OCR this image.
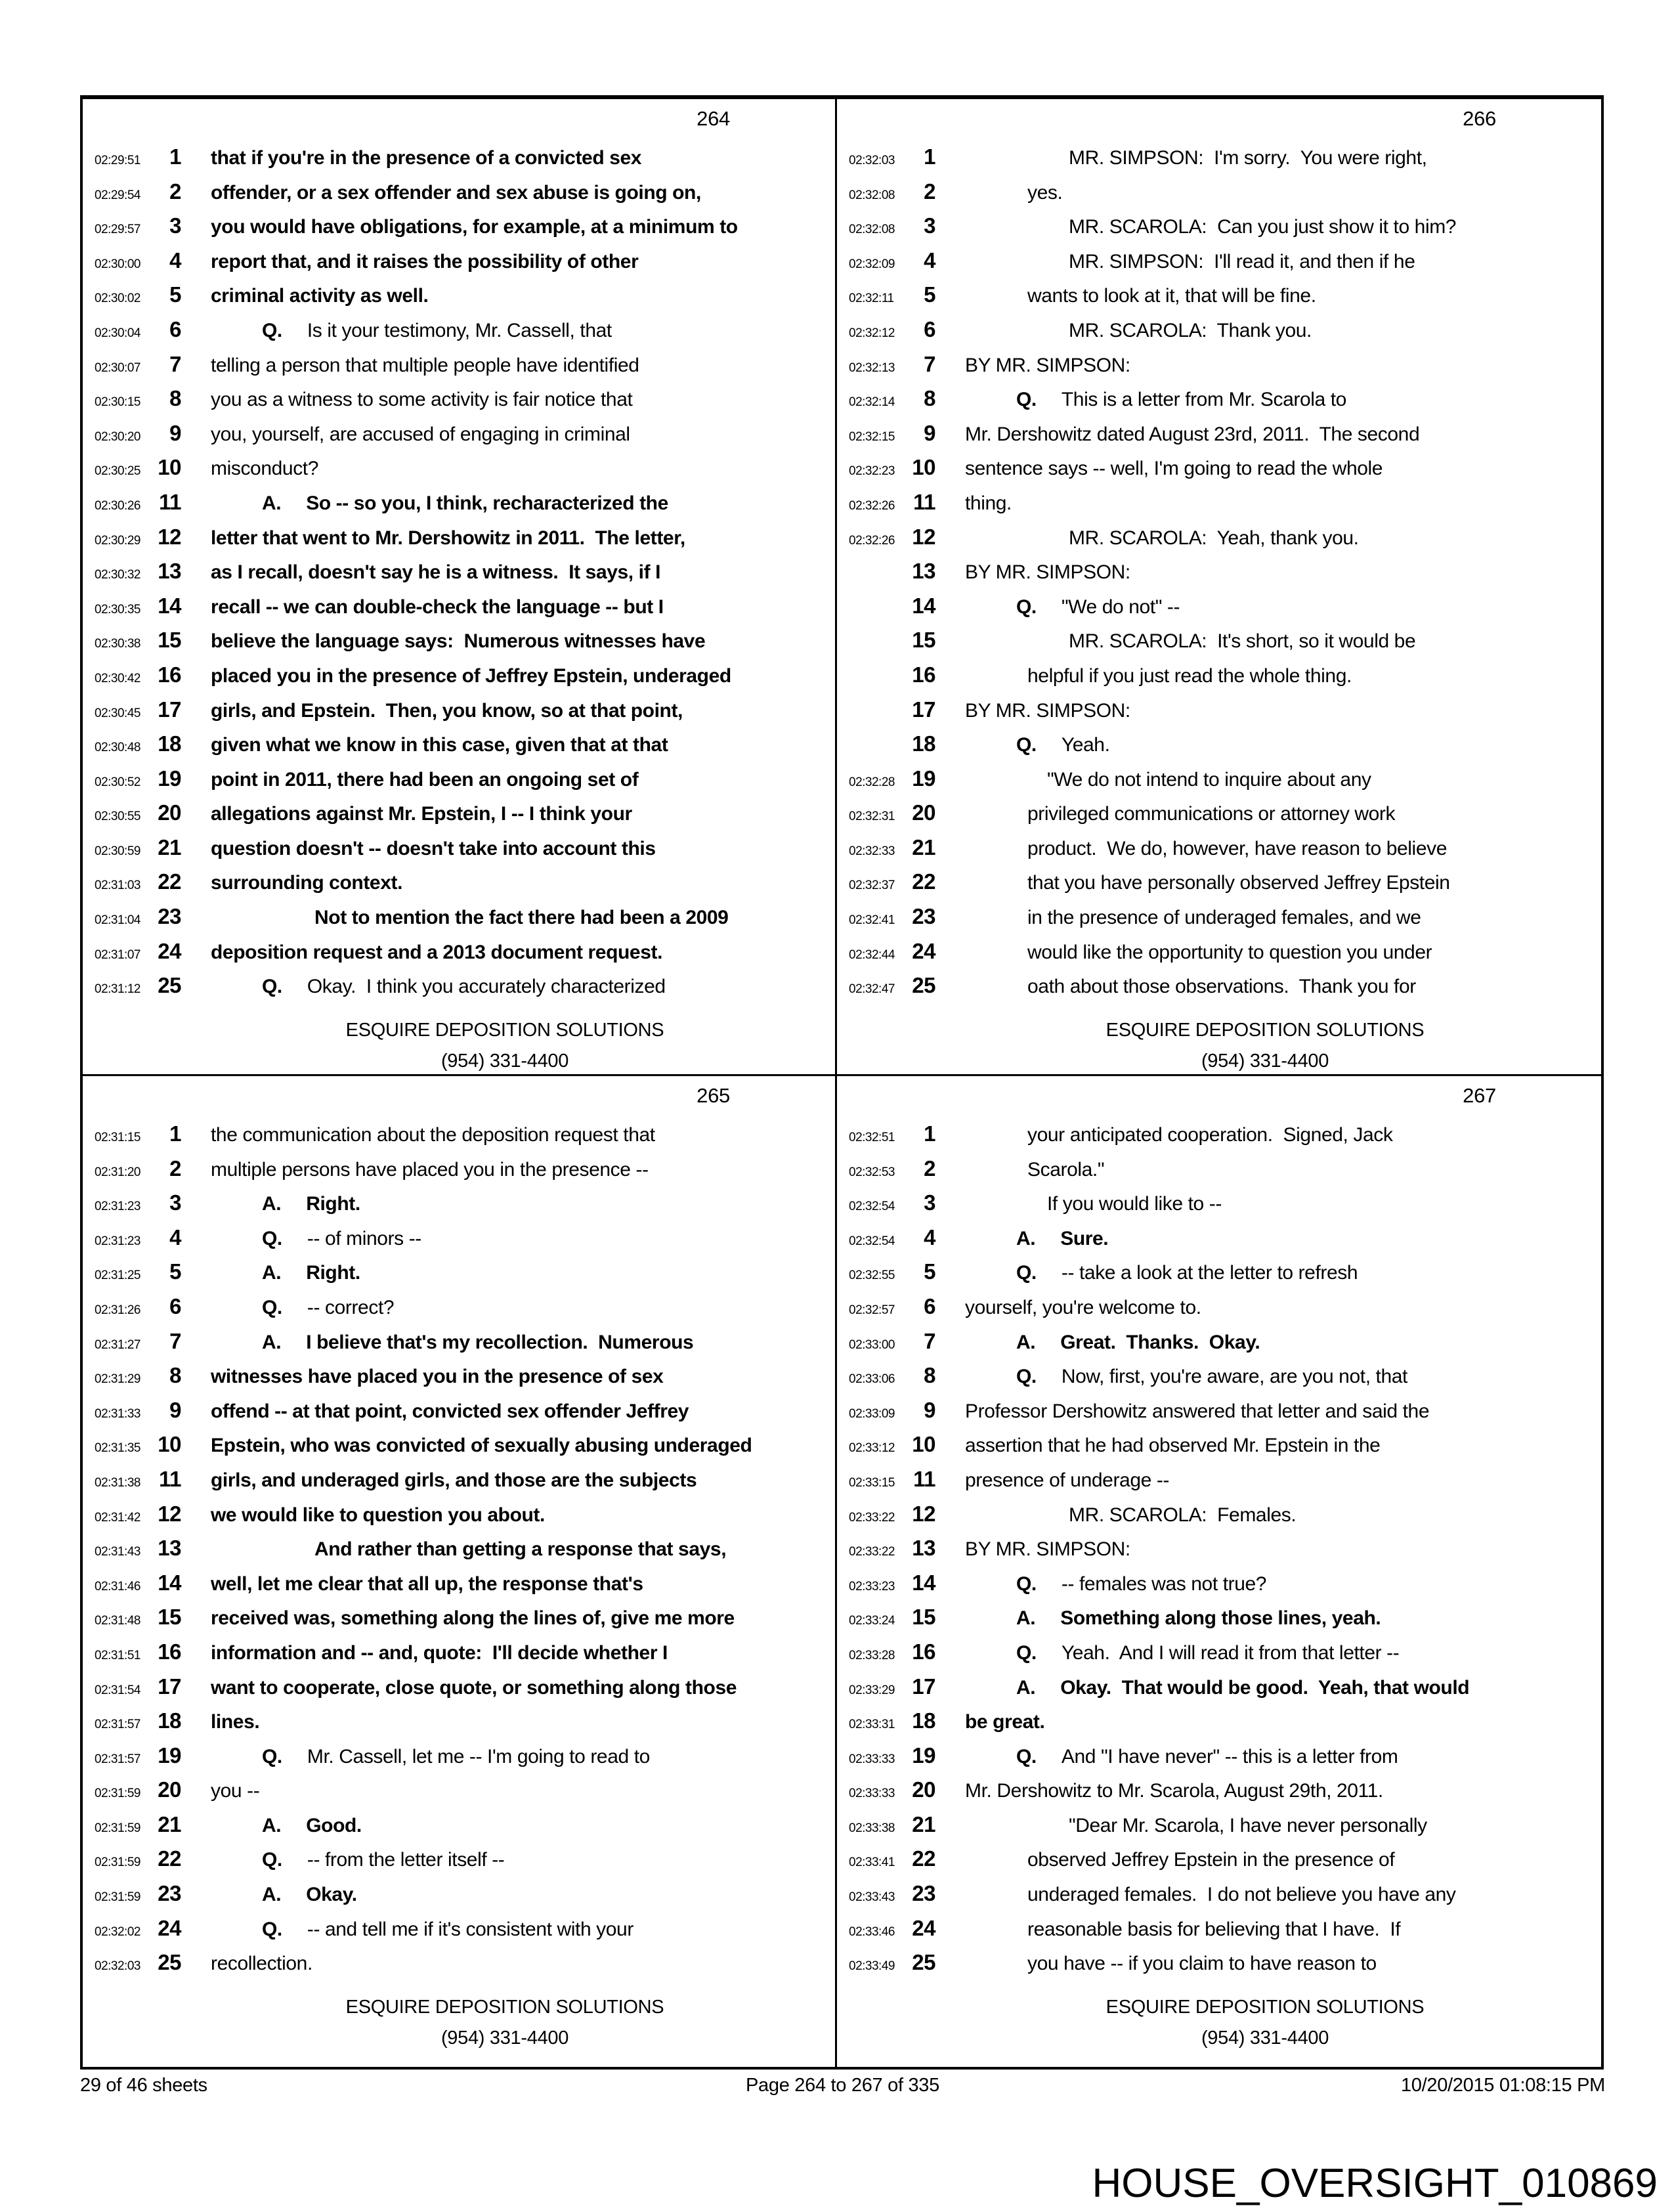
264
02:29:51 1 that if you're in the presence of a convicted sex
02:29:54 2 offender, or a sex offender and sex abuse is going on,
02:29:57 3 you would have obligations, for example, at a minimum to
02:30:00 4 report that, and it raises the possibility of other
02:30:02 5 criminal activity as well.
02:30:04 6	Q. Is it your testimony, Mr. Cassell, that
02:30:07 7 telling a person that multiple people have identified
02:30:15 8 you as a witness to some activity is fair notice that
02:30:20 9 you, yourself, are accused of engaging in criminal
02:30:25 10 misconduct?
02:30:26 11	A. So -- so you, I think, recharacterized the
02:30:29 12 letter that went to Mr. Dershowitz in 2011.  The letter,
02:30:32 13 as I recall, doesn't say he is a witness.  It says, if I
02:30:35 14 recall -- we can double-check the language -- but I
02:30:38 15 believe the language says:  Numerous witnesses have
02:30:42 16 placed you in the presence of Jeffrey Epstein, underaged
02:30:45 17 girls, and Epstein.  Then, you know, so at that point,
02:30:48 18 given what we know in this case, given that at that
02:30:52 19 point in 2011, there had been an ongoing set of
02:30:55 20 allegations against Mr. Epstein, I -- I think your
02:30:59 21 question doesn't -- doesn't take into account this
02:31:03 22 surrounding context.
02:31:04 23	Not to mention the fact there had been a 2009
02:31:07 24 deposition request and a 2013 document request.
02:31:12 25	Q. Okay.  I think you accurately characterized
ESQUIRE DEPOSITION SOLUTIONS
(954) 331-4400
266
02:32:03 1	MR. SIMPSON:  I'm sorry.  You were right,
02:32:08 2	yes.
02:32:08 3	MR. SCAROLA:  Can you just show it to him?
02:32:09 4	MR. SIMPSON:  I'll read it, and then if he
02:32:11 5	wants to look at it, that will be fine.
02:32:12 6	MR. SCAROLA:  Thank you.
02:32:13 7 BY MR. SIMPSON:
02:32:14 8	Q. This is a letter from Mr. Scarola to
02:32:15 9 Mr. Dershowitz dated August 23rd, 2011.  The second
02:32:23 10 sentence says -- well, I'm going to read the whole
02:32:26 11 thing.
02:32:26 12	MR. SCAROLA:  Yeah, thank you.
13 BY MR. SIMPSON:
14	Q. "We do not" --
15	MR. SCAROLA:  It's short, so it would be
16	helpful if you just read the whole thing.
17 BY MR. SIMPSON:
18	Q. Yeah.
02:32:28 19	"We do not intend to inquire about any
02:32:31 20	privileged communications or attorney work
02:32:33 21	product.  We do, however, have reason to believe
02:32:37 22	that you have personally observed Jeffrey Epstein
02:32:41 23	in the presence of underaged females, and we
02:32:44 24	would like the opportunity to question you under
02:32:47 25	oath about those observations.  Thank you for
ESQUIRE DEPOSITION SOLUTIONS
(954) 331-4400
265
02:31:15 1 the communication about the deposition request that
02:31:20 2 multiple persons have placed you in the presence --
02:31:23 3	A. Right.
02:31:23 4	Q. -- of minors --
02:31:25 5	A. Right.
02:31:26 6	Q. -- correct?
02:31:27 7	A. I believe that's my recollection.  Numerous
02:31:29 8 witnesses have placed you in the presence of sex
02:31:33 9 offend -- at that point, convicted sex offender Jeffrey
02:31:35 10 Epstein, who was convicted of sexually abusing underaged
02:31:38 11 girls, and underaged girls, and those are the subjects
02:31:42 12 we would like to question you about.
02:31:43 13	And rather than getting a response that says,
02:31:46 14 well, let me clear that all up, the response that's
02:31:48 15 received was, something along the lines of, give me more
02:31:51 16 information and -- and, quote:  I'll decide whether I
02:31:54 17 want to cooperate, close quote, or something along those
02:31:57 18 lines.
02:31:57 19	Q. Mr. Cassell, let me -- I'm going to read to
02:31:59 20 you --
02:31:59 21	A. Good.
02:31:59 22	Q. -- from the letter itself --
02:31:59 23	A. Okay.
02:32:02 24	Q. -- and tell me if it's consistent with your
02:32:03 25 recollection.
ESQUIRE DEPOSITION SOLUTIONS
(954) 331-4400
267
02:32:51 1	your anticipated cooperation.  Signed, Jack
02:32:53 2	Scarola."
02:32:54 3	If you would like to --
02:32:54 4	A. Sure.
02:32:55 5	Q. -- take a look at the letter to refresh
02:32:57 6 yourself, you're welcome to.
02:33:00 7	A. Great.  Thanks.  Okay.
02:33:06 8	Q. Now, first, you're aware, are you not, that
02:33:09 9 Professor Dershowitz answered that letter and said the
02:33:12 10 assertion that he had observed Mr. Epstein in the
02:33:15 11 presence of underage --
02:33:22 12	MR. SCAROLA:  Females.
02:33:22 13 BY MR. SIMPSON:
02:33:23 14	Q. -- females was not true?
02:33:24 15	A. Something along those lines, yeah.
02:33:28 16	Q. Yeah.  And I will read it from that letter --
02:33:29 17	A. Okay.  That would be good.  Yeah, that would
02:33:31 18 be great.
02:33:33 19	Q. And "I have never" -- this is a letter from
02:33:33 20 Mr. Dershowitz to Mr. Scarola, August 29th, 2011.
02:33:38 21	"Dear Mr. Scarola, I have never personally
02:33:41 22	observed Jeffrey Epstein in the presence of
02:33:43 23	underaged females.  I do not believe you have any
02:33:46 24	reasonable basis for believing that I have.  If
02:33:49 25	you have -- if you claim to have reason to
ESQUIRE DEPOSITION SOLUTIONS
(954) 331-4400
29 of 46 sheets	Page 264 to 267 of 335	10/20/2015 01:08:15 PM
HOUSE_OVERSIGHT_010869
